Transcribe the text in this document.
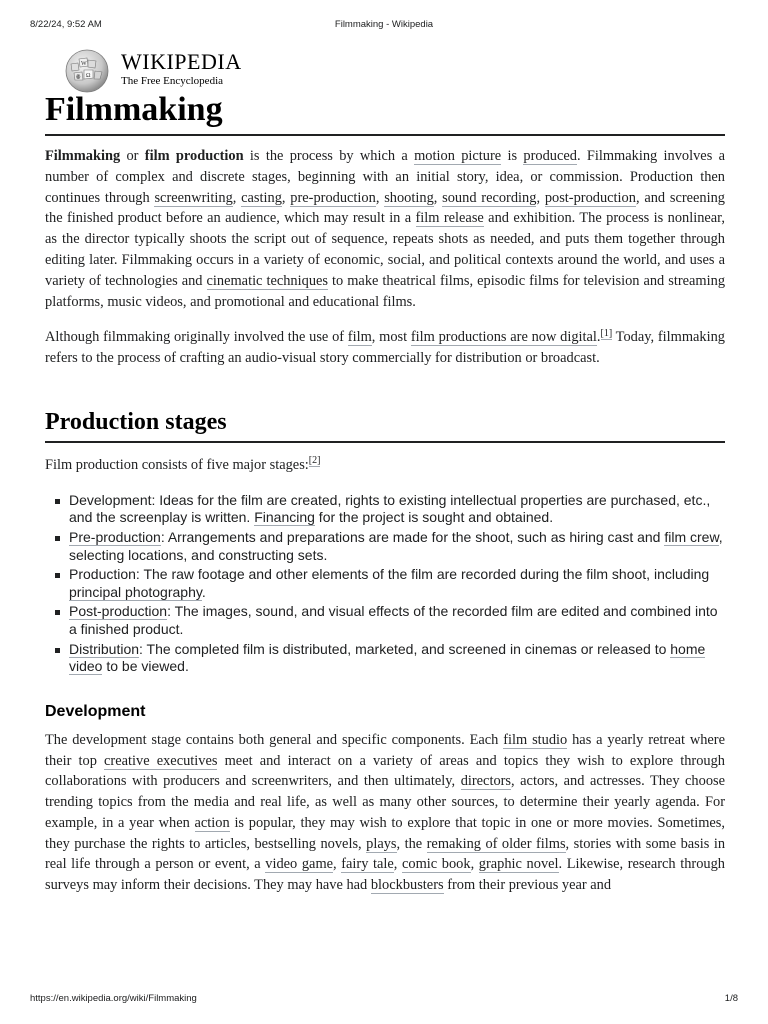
8/22/24, 9:52 AM	Filmmaking - Wikipedia
W
Ω
ꙮ
WIKIPEDIA
The Free Encyclopedia
Filmmaking

Filmmaking or film production is the process by which a motion picture is produced. Filmmaking involves a number of complex and discrete stages, beginning with an initial story, idea, or commission. Production then continues through screenwriting, casting, pre-production, shooting, sound recording, post-production, and screening the finished product before an audience, which may result in a film release and exhibition. The process is nonlinear, as the director typically shoots the script out of sequence, repeats shots as needed, and puts them together through editing later. Filmmaking occurs in a variety of economic, social, and political contexts around the world, and uses a variety of technologies and cinematic techniques to make theatrical films, episodic films for television and streaming platforms, music videos, and promotional and educational films.

Although filmmaking originally involved the use of film, most film productions are now digital.[1] Today, filmmaking refers to the process of crafting an audio-visual story commercially for distribution or broadcast.

Production stages

Film production consists of five major stages:[2]

Development: Ideas for the film are created, rights to existing intellectual properties are purchased, etc., and the screenplay is written. Financing for the project is sought and obtained.
Pre-production: Arrangements and preparations are made for the shoot, such as hiring cast and film crew, selecting locations, and constructing sets.
Production: The raw footage and other elements of the film are recorded during the film shoot, including principal photography.
Post-production: The images, sound, and visual effects of the recorded film are edited and combined into a finished product.
Distribution: The completed film is distributed, marketed, and screened in cinemas or released to home video to be viewed.
Development

The development stage contains both general and specific components. Each film studio has a yearly retreat where their top creative executives meet and interact on a variety of areas and topics they wish to explore through collaborations with producers and screenwriters, and then ultimately, directors, actors, and actresses. They choose trending topics from the media and real life, as well as many other sources, to determine their yearly agenda. For example, in a year when action is popular, they may wish to explore that topic in one or more movies. Sometimes, they purchase the rights to articles, bestselling novels, plays, the remaking of older films, stories with some basis in real life through a person or event, a video game, fairy tale, comic book, graphic novel. Likewise, research through surveys may inform their decisions. They may have had blockbusters from their previous year and

https://en.wikipedia.org/wiki/Filmmaking	1/8
